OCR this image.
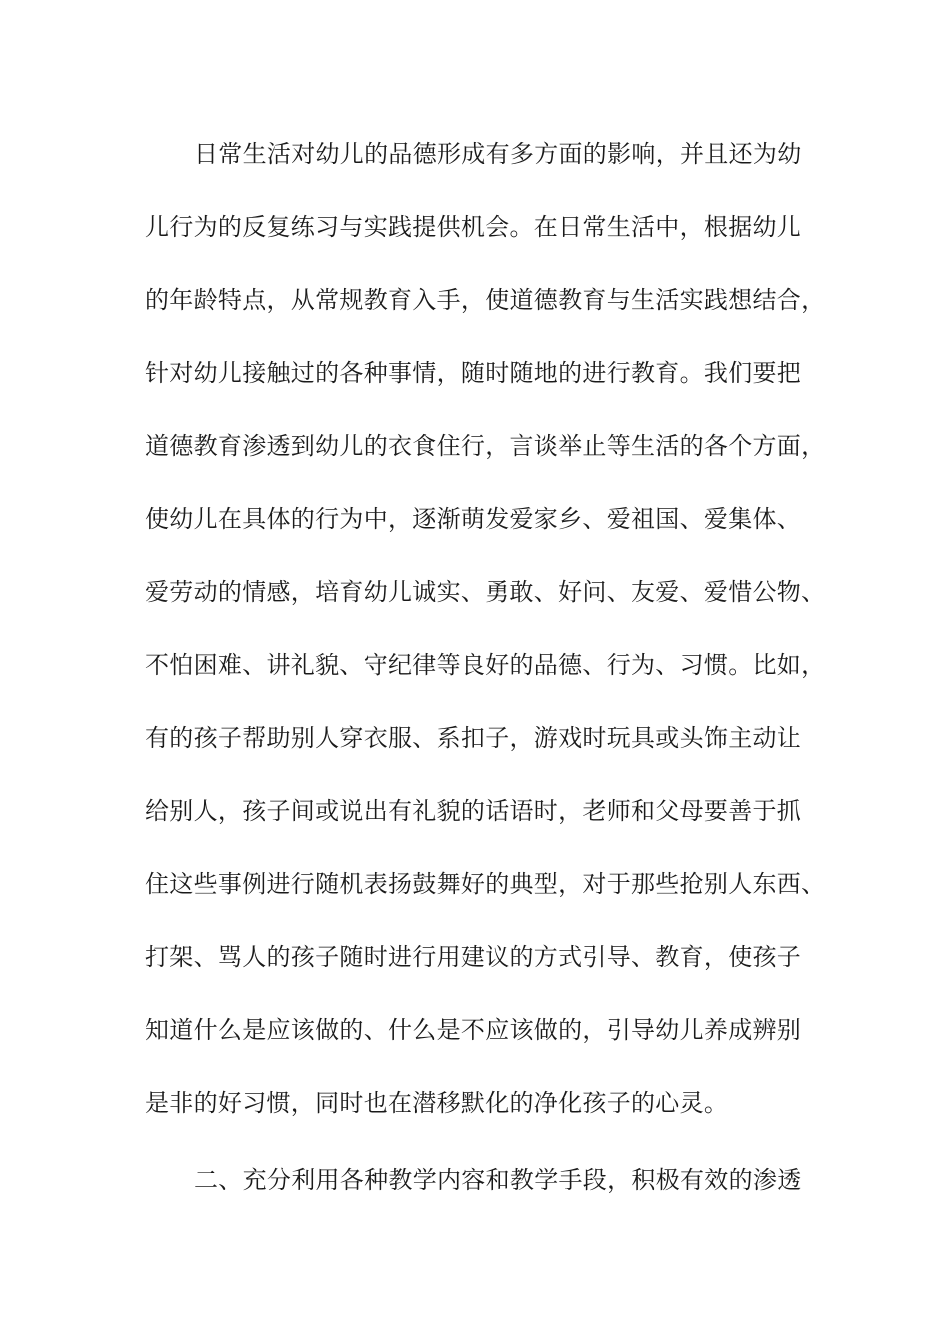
日常生活对幼儿的品德形成有多方面的影响，并且还为幼
儿行为的反复练习与实践提供机会。在日常生活中，根据幼儿
的年龄特点，从常规教育入手，使道德教育与生活实践想结合，
针对幼儿接触过的各种事情，随时随地的进行教育。我们要把
道德教育渗透到幼儿的衣食住行，言谈举止等生活的各个方面，
使幼儿在具体的行为中，逐渐萌发爱家乡、爱祖国、爱集体、
爱劳动的情感，培育幼儿诚实、勇敢、好问、友爱、爱惜公物、
不怕困难、讲礼貌、守纪律等良好的品德、行为、习惯。比如，
有的孩子帮助别人穿衣服、系扣子，游戏时玩具或头饰主动让
给别人，孩子间或说出有礼貌的话语时，老师和父母要善于抓
住这些事例进行随机表扬鼓舞好的典型，对于那些抢别人东西、
打架、骂人的孩子随时进行用建议的方式引导、教育，使孩子
知道什么是应该做的、什么是不应该做的，引导幼儿养成辨别
是非的好习惯，同时也在潜移默化的净化孩子的心灵。
二、充分利用各种教学内容和教学手段，积极有效的渗透
